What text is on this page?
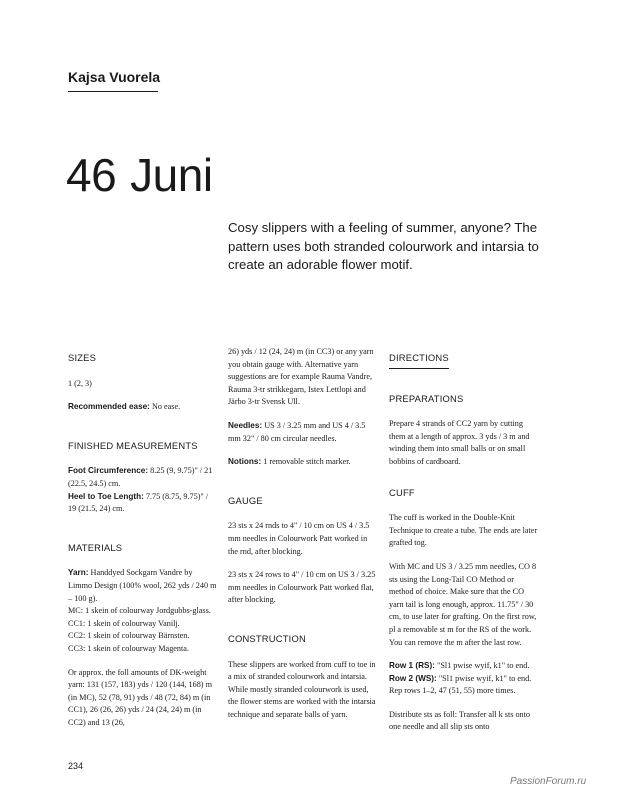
Kajsa Vuorela
46 Juni
Cosy slippers with a feeling of summer, anyone? The pattern uses both stranded colourwork and intarsia to create an adorable flower motif.
SIZES

1 (2, 3)

Recommended ease: No ease.

FINISHED MEASUREMENTS

Foot Circumference: 8.25 (9, 9.75)" / 21 (22.5, 24.5) cm.

Heel to Toe Length: 7.75 (8.75, 9.75)" / 19 (21.5, 24) cm.

MATERIALS

Yarn: Handdyed Sockgarn Vandre by Limmo Design (100% wool, 262 yds / 240 m – 100 g).

MC: 1 skein of colourway Jordgubbs-glass.

CC1: 1 skein of colourway Vanilj.

CC2: 1 skein of colourway Bärnsten.

CC3: 1 skein of colourway Magenta.

Or approx. the foll amounts of DK-weight yarn: 131 (157, 183) yds / 120 (144, 168) m (in MC), 52 (78, 91) yds / 48 (72, 84) m (in CC1), 26 (26, 26) yds / 24 (24, 24) m (in CC2) and 13 (26,

26) yds / 12 (24, 24) m (in CC3) or any yarn you obtain gauge with. Alternative yarn suggestions are for example Rauma Vandre, Rauma 3-tr strikkegarn, Istex Lettlopi and Järbo 3-tr Svensk Ull.

Needles: US 3 / 3.25 mm and US 4 / 3.5 mm 32" / 80 cm circular needles.

Notions: 1 removable stitch marker.

GAUGE

23 sts x 24 rnds to 4" / 10 cm on US 4 / 3.5 mm needles in Colourwork Patt worked in the rnd, after blocking.

23 sts x 24 rows to 4" / 10 cm on US 3 / 3.25 mm needles in Colourwork Patt worked flat, after blocking.

CONSTRUCTION

These slippers are worked from cuff to toe in a mix of stranded colourwork and intarsia. While mostly stranded colourwork is used, the flower stems are worked with the intarsia technique and separate balls of yarn.

DIRECTIONS
PREPARATIONS

Prepare 4 strands of CC2 yarn by cutting them at a length of approx. 3 yds / 3 m and winding them into small balls or on small bobbins of cardboard.

CUFF

The cuff is worked in the Double-Knit Technique to create a tube. The ends are later grafted tog.

With MC and US 3 / 3.25 mm needles, CO 8 sts using the Long-Tail CO Method or method of choice. Make sure that the CO yarn tail is long enough, approx. 11.75" / 30 cm, to use later for grafting. On the first row, pl a removable st m for the RS of the work. You can remove the m after the last row.

Row 1 (RS): "Sl1 pwise wyif, k1" to end.

Row 2 (WS): "Sl1 pwise wyif, k1" to end.

Rep rows 1–2, 47 (51, 55) more times.

Distribute sts as foll: Transfer all k sts onto one needle and all slip sts onto

234
PassionForum.ru
